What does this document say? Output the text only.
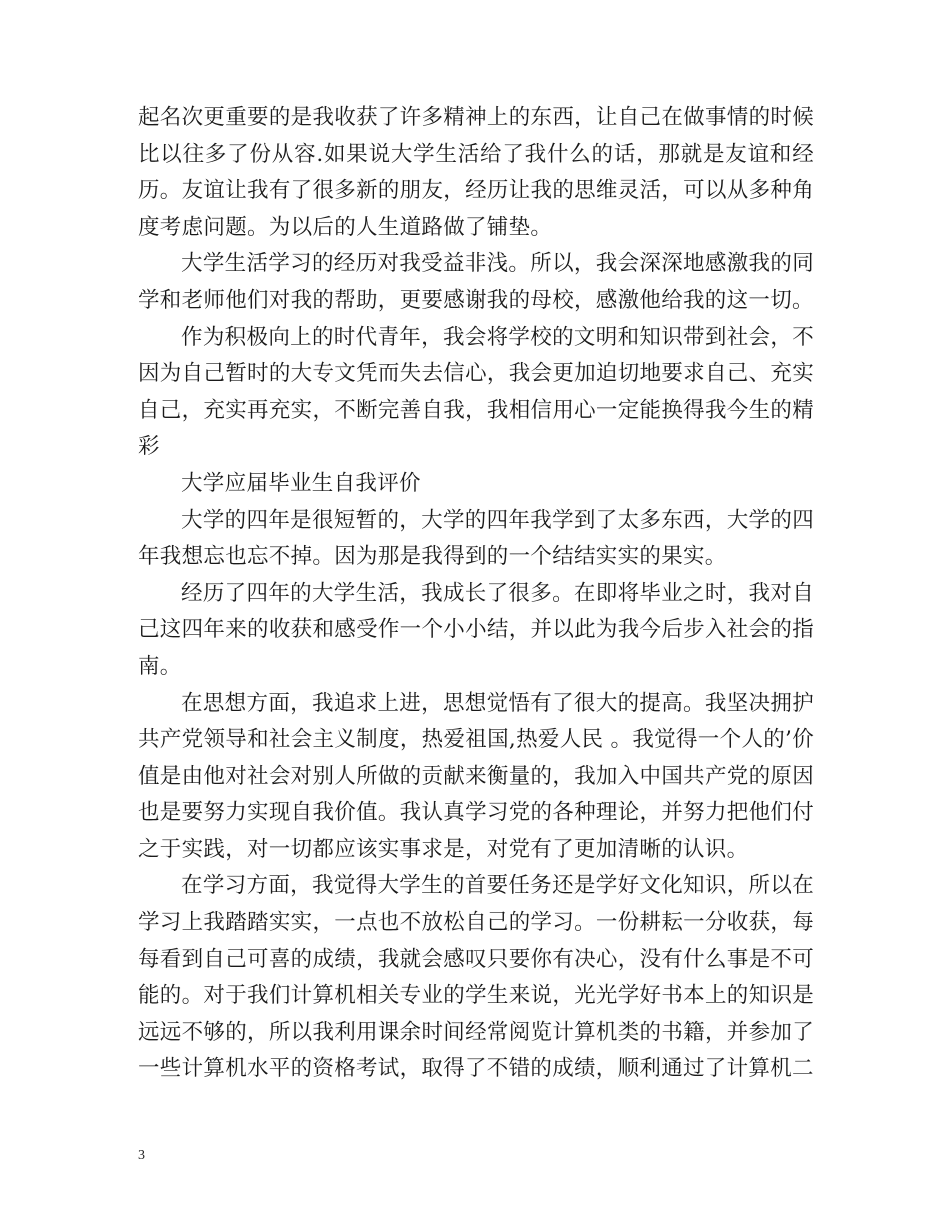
起名次更重要的是我收获了许多精神上的东西，让自己在做事情的时候比以往多了份从容.如果说大学生活给了我什么的话，那就是友谊和经历。友谊让我有了很多新的朋友，经历让我的思维灵活，可以从多种角度考虑问题。为以后的人生道路做了铺垫。

大学生活学习的经历对我受益非浅。所以，我会深深地感激我的同学和老师他们对我的帮助，更要感谢我的母校，感激他给我的这一切。

作为积极向上的时代青年，我会将学校的文明和知识带到社会，不因为自己暂时的大专文凭而失去信心，我会更加迫切地要求自己、充实自己，充实再充实，不断完善自我，我相信用心一定能换得我今生的精彩

大学应届毕业生自我评价

大学的四年是很短暂的，大学的四年我学到了太多东西，大学的四年我想忘也忘不掉。因为那是我得到的一个结结实实的果实。

经历了四年的大学生活，我成长了很多。在即将毕业之时，我对自己这四年来的收获和感受作一个小小结，并以此为我今后步入社会的指南。

在思想方面，我追求上进，思想觉悟有了很大的提高。我坚决拥护共产党领导和社会主义制度，热爱祖国,热爱人民 。我觉得一个人的’价值是由他对社会对别人所做的贡献来衡量的，我加入中国共产党的原因也是要努力实现自我价值。我认真学习党的各种理论，并努力把他们付之于实践，对一切都应该实事求是，对党有了更加清晰的认识。

在学习方面，我觉得大学生的首要任务还是学好文化知识，所以在学习上我踏踏实实，一点也不放松自己的学习。一份耕耘一分收获，每每看到自己可喜的成绩，我就会感叹只要你有决心，没有什么事是不可能的。对于我们计算机相关专业的学生来说，光光学好书本上的知识是远远不够的，所以我利用课余时间经常阅览计算机类的书籍，并参加了一些计算机水平的资格考试，取得了不错的成绩，顺利通过了计算机二

3
